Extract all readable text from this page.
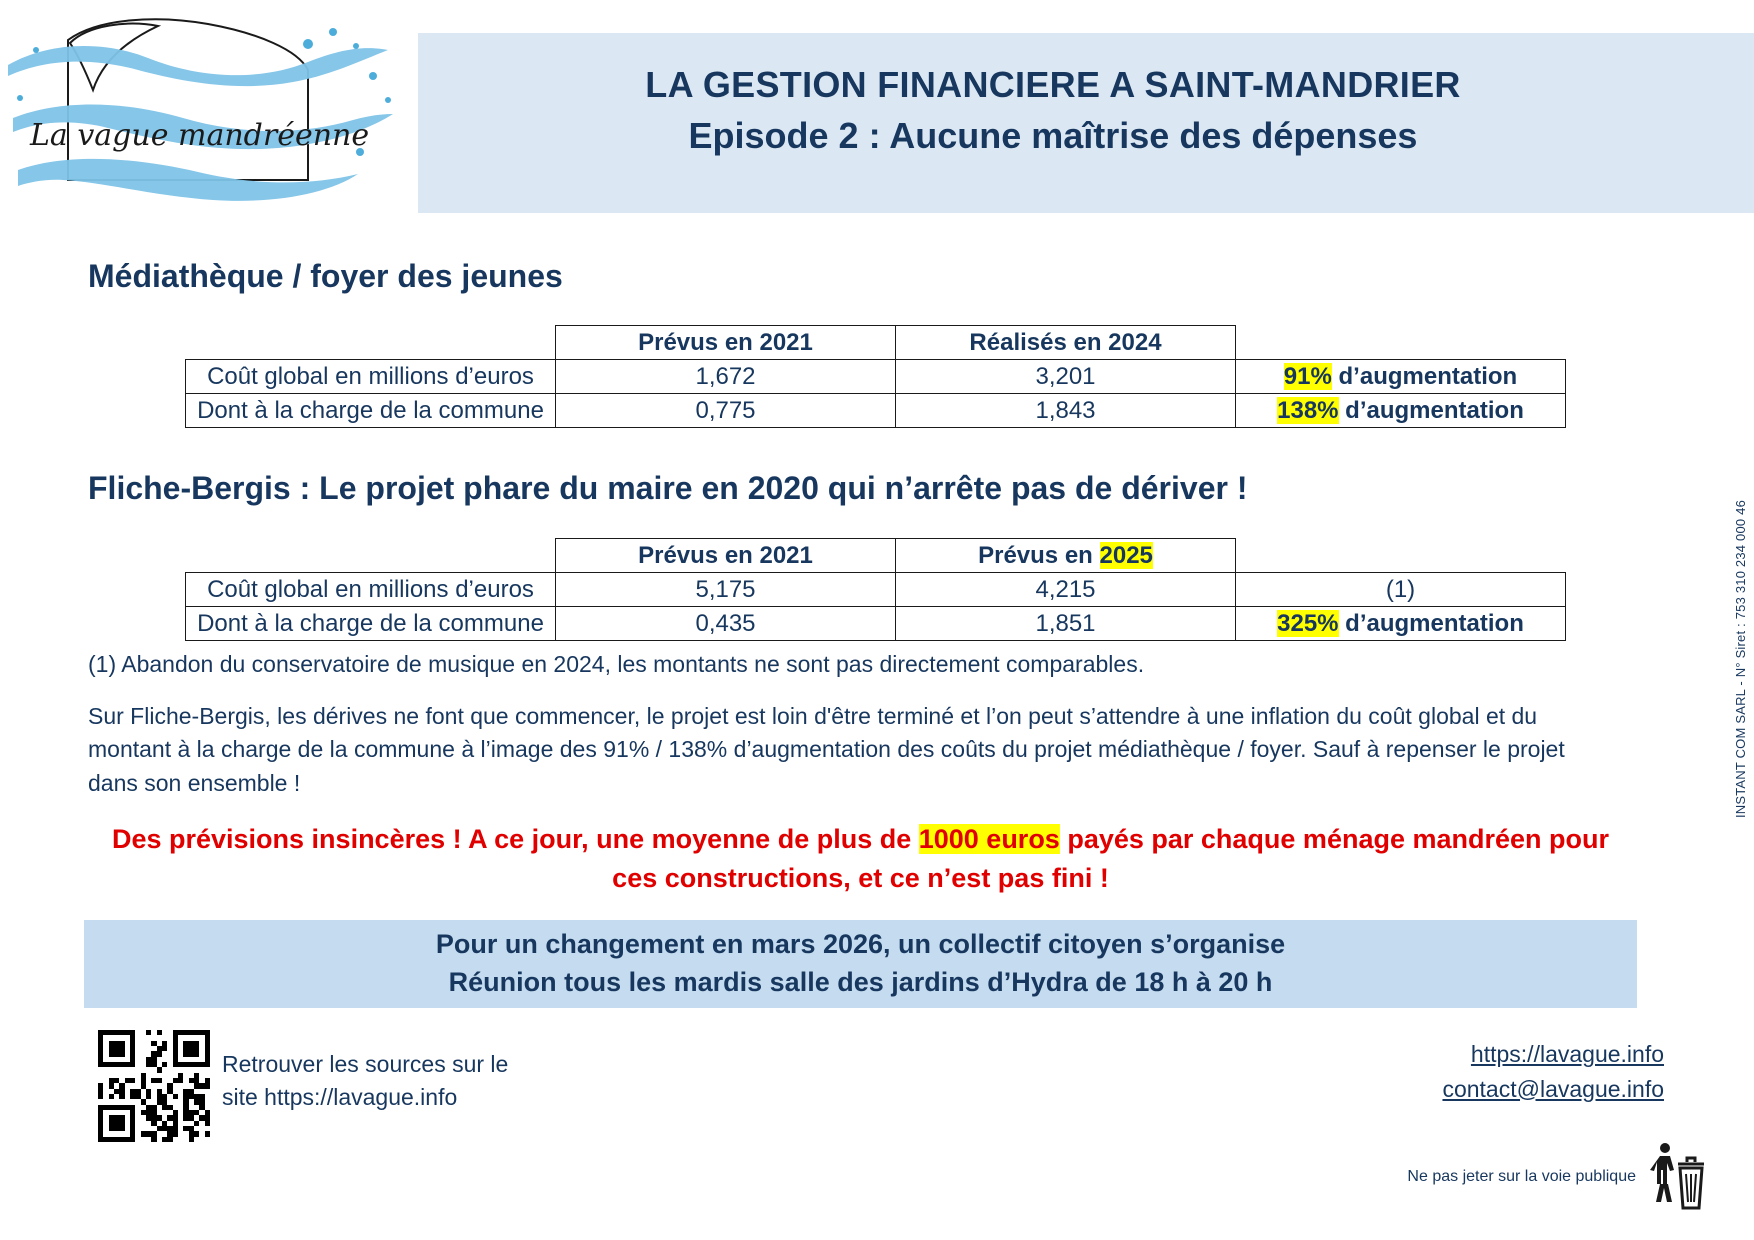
LA GESTION FINANCIERE A SAINT-MANDRIER
Episode 2 : Aucune maîtrise des dépenses
La vague mandréenne
Médiathèque / foyer des jeunes
	Prévus en 2021	Réalisés en 2024	
Coût global en millions d’euros	1,672	3,201	91% d’augmentation
Dont à la charge de la commune	0,775	1,843	138% d’augmentation
Fliche-Bergis : Le projet phare du maire en 2020 qui n’arrête pas de dériver !
	Prévus en 2021	Prévus en 2025	
Coût global en millions d’euros	5,175	4,215	(1)
Dont à la charge de la commune	0,435	1,851	325% d’augmentation
(1) Abandon du conservatoire de musique en 2024, les montants ne sont pas directement comparables.
Sur Fliche-Bergis, les dérives ne font que commencer, le projet est loin d'être terminé et l’on peut s’attendre à une inflation du coût global et du montant à la charge de la commune à l’image des 91% / 138% d’augmentation des coûts du projet médiathèque / foyer. Sauf à repenser le projet dans son ensemble !
Des prévisions insincères ! A ce jour, une moyenne de plus de 1000 euros payés par chaque ménage mandréen pour ces constructions, et ce n’est pas fini !
Pour un changement en mars 2026, un collectif citoyen s’organise
Réunion tous les mardis salle des jardins d’Hydra de 18 h à 20 h
Retrouver les sources sur le
site https://lavague.info
https://lavague.info
contact@lavague.info
Ne pas jeter sur la voie publique
INSTANT COM SARL - N° Siret : 753 310 234 000 46
